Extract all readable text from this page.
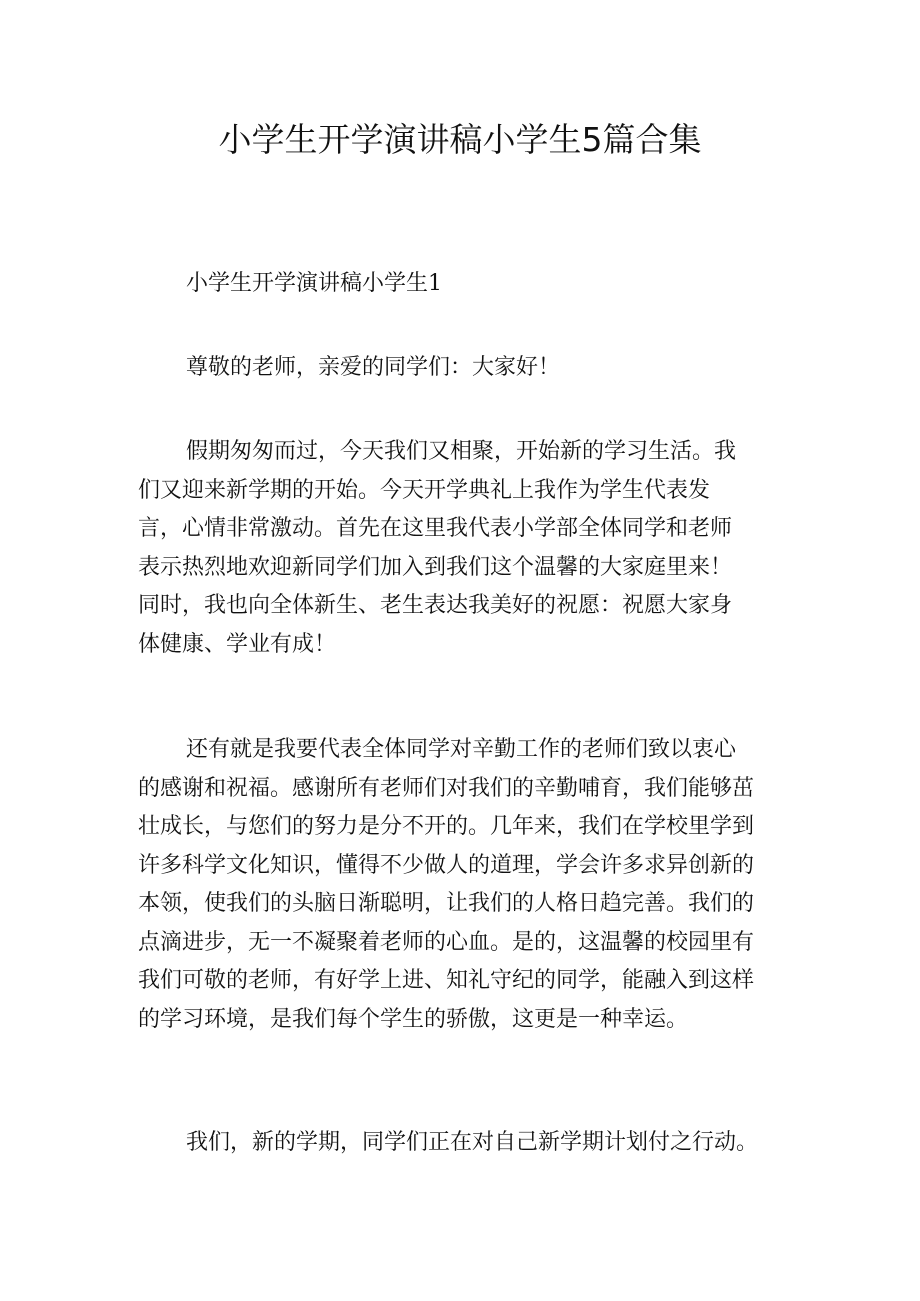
小学生开学演讲稿小学生5篇合集

小学生开学演讲稿小学生1

尊敬的老师，亲爱的同学们：大家好！

假期匆匆而过，今天我们又相聚，开始新的学习生活。我
们又迎来新学期的开始。今天开学典礼上我作为学生代表发
言，心情非常激动。首先在这里我代表小学部全体同学和老师
表示热烈地欢迎新同学们加入到我们这个温馨的大家庭里来！
同时，我也向全体新生、老生表达我美好的祝愿：祝愿大家身
体健康、学业有成！
还有就是我要代表全体同学对辛勤工作的老师们致以衷心
的感谢和祝福。感谢所有老师们对我们的辛勤哺育，我们能够茁
壮成长，与您们的努力是分不开的。几年来，我们在学校里学到
许多科学文化知识，懂得不少做人的道理，学会许多求异创新的
本领，使我们的头脑日渐聪明，让我们的人格日趋完善。我们的
点滴进步，无一不凝聚着老师的心血。是的，这温馨的校园里有
我们可敬的老师，有好学上进、知礼守纪的同学，能融入到这样
的学习环境，是我们每个学生的骄傲，这更是一种幸运。

我们，新的学期，同学们正在对自己新学期计划付之行动。
